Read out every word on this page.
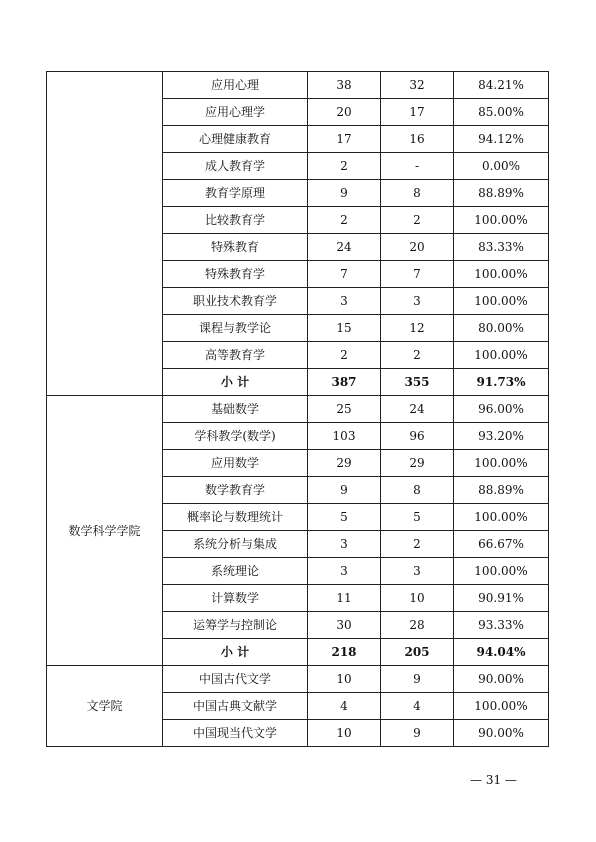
	应用心理	38	32	84.21%
	应用心理学	20	17	85.00%
	心理健康教育	17	16	94.12%
	成人教育学	2	-	0.00%
	教育学原理	9	8	88.89%
	比较教育学	2	2	100.00%
	特殊教育	24	20	83.33%
	特殊教育学	7	7	100.00%
	职业技术教育学	3	3	100.00%
	课程与教学论	15	12	80.00%
	高等教育学	2	2	100.00%
	小 计	387	355	91.73%
数学科学学院	基础数学	25	24	96.00%
	学科教学(数学)	103	96	93.20%
	应用数学	29	29	100.00%
	数学教育学	9	8	88.89%
	概率论与数理统计	5	5	100.00%
	系统分析与集成	3	2	66.67%
	系统理论	3	3	100.00%
	计算数学	11	10	90.91%
	运筹学与控制论	30	28	93.33%
	小 计	218	205	94.04%
文学院	中国古代文学	10	9	90.00%
	中国古典文献学	4	4	100.00%
	中国现当代文学	10	9	90.00%
— 31 —
